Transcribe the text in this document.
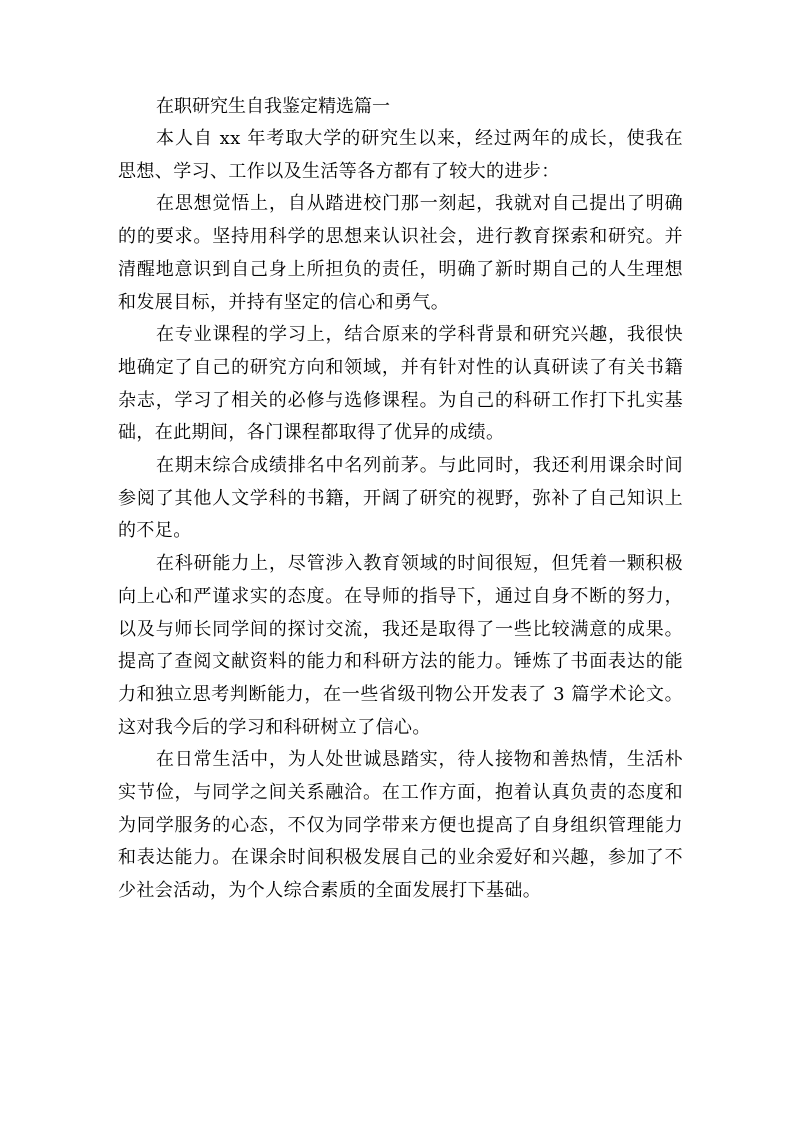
在职研究生自我鉴定精选篇一

本人自 xx 年考取大学的研究生以来，经过两年的成长，使我在思想、学习、工作以及生活等各方都有了较大的进步：

在思想觉悟上，自从踏进校门那一刻起，我就对自己提出了明确的的要求。坚持用科学的思想来认识社会，进行教育探索和研究。并清醒地意识到自己身上所担负的责任，明确了新时期自己的人生理想和发展目标，并持有坚定的信心和勇气。

在专业课程的学习上，结合原来的学科背景和研究兴趣，我很快地确定了自己的研究方向和领域，并有针对性的认真研读了有关书籍杂志，学习了相关的必修与选修课程。为自己的科研工作打下扎实基础，在此期间，各门课程都取得了优异的成绩。

在期末综合成绩排名中名列前茅。与此同时，我还利用课余时间参阅了其他人文学科的书籍，开阔了研究的视野，弥补了自己知识上的不足。

在科研能力上，尽管涉入教育领域的时间很短，但凭着一颗积极向上心和严谨求实的态度。在导师的指导下，通过自身不断的努力，以及与师长同学间的探讨交流，我还是取得了一些比较满意的成果。提高了查阅文献资料的能力和科研方法的能力。锤炼了书面表达的能力和独立思考判断能力，在一些省级刊物公开发表了 3 篇学术论文。这对我今后的学习和科研树立了信心。

在日常生活中，为人处世诚恳踏实，待人接物和善热情，生活朴实节俭，与同学之间关系融洽。在工作方面，抱着认真负责的态度和为同学服务的心态，不仅为同学带来方便也提高了自身组织管理能力和表达能力。在课余时间积极发展自己的业余爱好和兴趣，参加了不少社会活动，为个人综合素质的全面发展打下基础。
